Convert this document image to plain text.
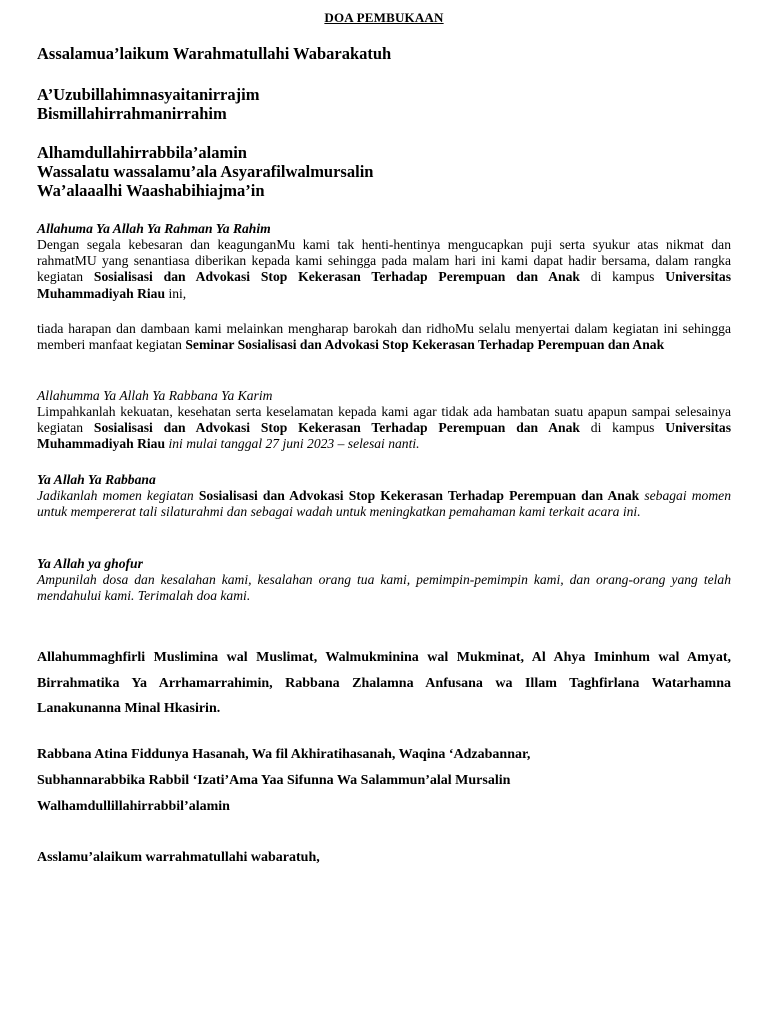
DOA PEMBUKAAN
Assalamua’laikum Warahmatullahi Wabarakatuh
A’Uzubillahimnasyaitanirrajim
Bismillahirrahmanirrahim
Alhamdullahirrabbila’alamin
Wassalatu wassalamu’ala Asyarafilwalmursalin
Wa’alaaalhi Waashabihiajma’in
Allahuma Ya Allah Ya Rahman Ya Rahim
Dengan segala kebesaran dan keagunganMu kami tak henti-hentinya mengucapkan puji serta syukur atas nikmat dan rahmatMU yang senantiasa diberikan kepada kami sehingga pada malam hari ini kami dapat hadir bersama, dalam rangka kegiatan Sosialisasi dan Advokasi Stop Kekerasan Terhadap Perempuan dan Anak di kampus Universitas Muhammadiyah Riau ini,
tiada harapan dan dambaan kami melainkan mengharap barokah dan ridhoMu selalu menyertai dalam kegiatan ini sehingga memberi manfaat kegiatan Seminar Sosialisasi dan Advokasi Stop Kekerasan Terhadap Perempuan dan Anak
Allahumma Ya Allah Ya Rabbana Ya Karim
Limpahkanlah kekuatan, kesehatan serta keselamatan kepada kami agar tidak ada hambatan suatu apapun sampai selesainya kegiatan Sosialisasi dan Advokasi Stop Kekerasan Terhadap Perempuan dan Anak di kampus Universitas Muhammadiyah Riau ini mulai tanggal 27 juni 2023 – selesai nanti.
Ya Allah Ya Rabbana
Jadikanlah momen kegiatan Sosialisasi dan Advokasi Stop Kekerasan Terhadap Perempuan dan Anak sebagai momen untuk mempererat tali silaturahmi dan sebagai wadah untuk meningkatkan pemahaman kami terkait acara ini.
Ya Allah ya ghofur
Ampunilah dosa dan kesalahan kami, kesalahan orang tua kami, pemimpin-pemimpin kami, dan orang-orang yang telah mendahului kami. Terimalah doa kami.
Allahummaghfirli Muslimina wal Muslimat, Walmukminina wal Mukminat, Al Ahya Iminhum wal Amyat, Birrahmatika Ya Arrhamarrahimin, Rabbana Zhalamna Anfusana wa Illam Taghfirlana Watarhamna Lanakunanna Minal Hkasirin.
Rabbana Atina Fiddunya Hasanah, Wa fil Akhiratihasanah, Waqina ‘Adzabannar,
Subhannarabbika Rabbil ‘Izati’Ama Yaa Sifunna Wa Salammun’alal Mursalin
Walhamdullillahirrabbil’alamin
Asslamu’alaikum warrahmatullahi wabaratuh,
